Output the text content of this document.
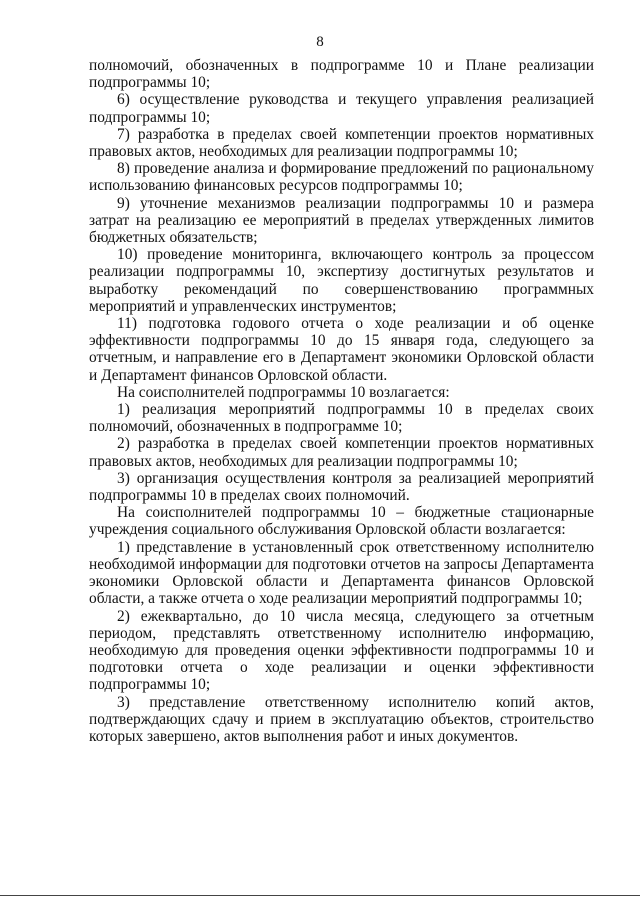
8

полномочий, обозначенных в подпрограмме 10 и Плане реализации подпрограммы 10;

6) осуществление руководства и текущего управления реализацией подпрограммы 10;

7) разработка в пределах своей компетенции проектов нормативных правовых актов, необходимых для реализации подпрограммы 10;

8) проведение анализа и формирование предложений по рациональному использованию финансовых ресурсов подпрограммы 10;

9) уточнение механизмов реализации подпрограммы 10 и размера затрат на реализацию ее мероприятий в пределах утвержденных лимитов бюджетных обязательств;

10) проведение мониторинга, включающего контроль за процессом реализации подпрограммы 10, экспертизу достигнутых результатов и выработку рекомендаций по совершенствованию программных мероприятий и управленческих инструментов;

11) подготовка годового отчета о ходе реализации и об оценке эффективности подпрограммы 10 до 15 января года, следующего за отчетным, и направление его в Департамент экономики Орловской области и Департамент финансов Орловской области.

На соисполнителей подпрограммы 10 возлагается:

1) реализация мероприятий подпрограммы 10 в пределах своих полномочий, обозначенных в подпрограмме 10;

2) разработка в пределах своей компетенции проектов нормативных правовых актов, необходимых для реализации подпрограммы 10;

3) организация осуществления контроля за реализацией мероприятий подпрограммы 10 в пределах своих полномочий.

На соисполнителей подпрограммы 10 – бюджетные стационарные учреждения социального обслуживания Орловской области возлагается:

1) представление в установленный срок ответственному исполнителю необходимой информации для подготовки отчетов на запросы Департамента экономики Орловской области и Департамента финансов Орловской области, а также отчета о ходе реализации мероприятий подпрограммы 10;

2) ежеквартально, до 10 числа месяца, следующего за отчетным периодом, представлять ответственному исполнителю информацию, необходимую для проведения оценки эффективности подпрограммы 10 и подготовки отчета о ходе реализации и оценки эффективности подпрограммы 10;

3) представление ответственному исполнителю копий актов, подтверждающих сдачу и прием в эксплуатацию объектов, строительство которых завершено, актов выполнения работ и иных документов.
